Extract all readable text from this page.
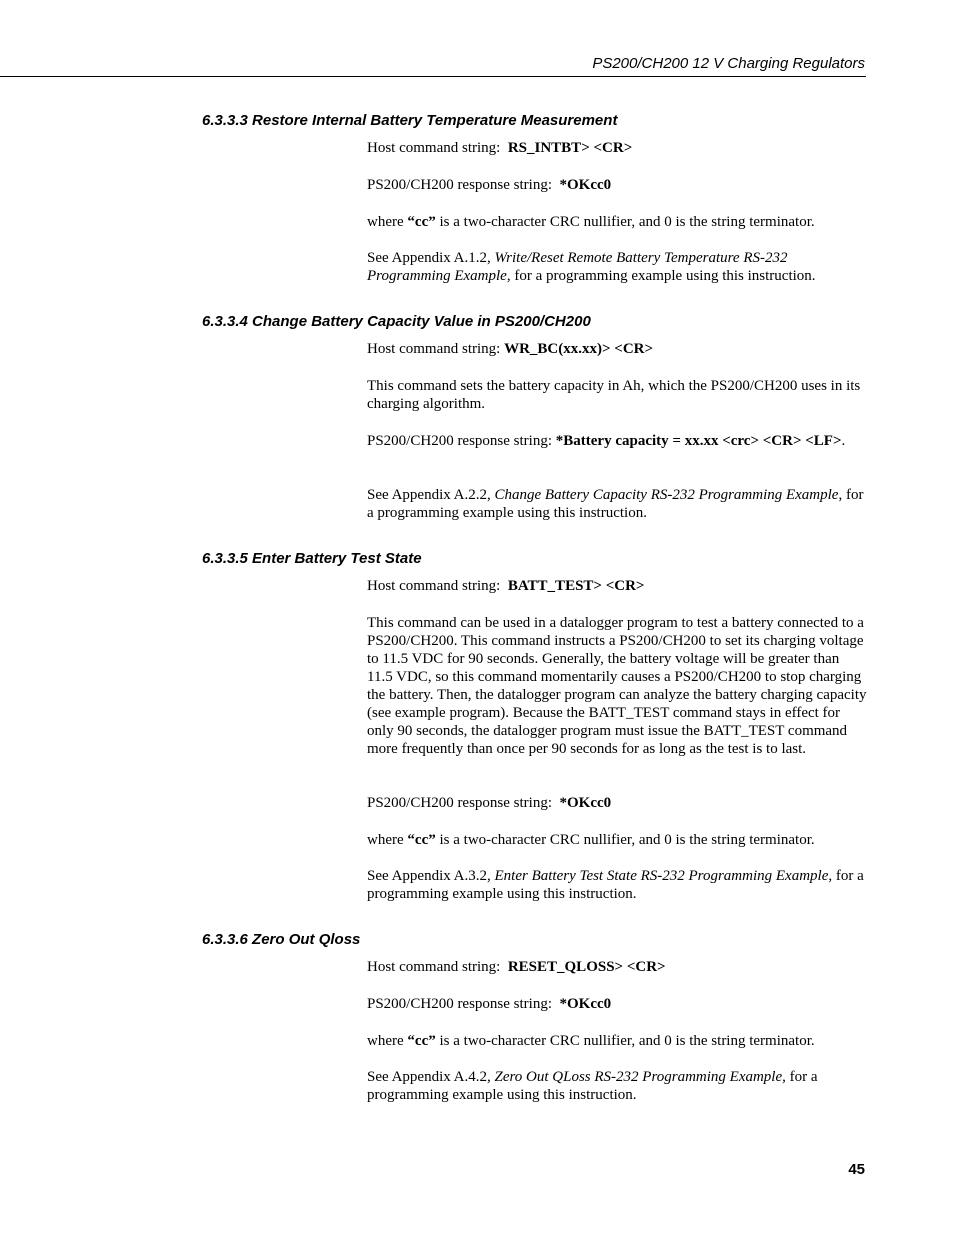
PS200/CH200 12 V Charging Regulators
6.3.3.3 Restore Internal Battery Temperature Measurement
Host command string:  RS_INTBT> <CR>
PS200/CH200 response string:  *OKcc0
where “cc” is a two-character CRC nullifier, and 0 is the string terminator.
See Appendix A.1.2, Write/Reset Remote Battery Temperature RS-232 Programming Example, for a programming example using this instruction.
6.3.3.4 Change Battery Capacity Value in PS200/CH200
Host command string: WR_BC(xx.xx)> <CR>
This command sets the battery capacity in Ah, which the PS200/CH200 uses in its charging algorithm.
PS200/CH200 response string: *Battery capacity = xx.xx <crc> <CR> <LF>.
See Appendix A.2.2, Change Battery Capacity RS-232 Programming Example, for a programming example using this instruction.
6.3.3.5 Enter Battery Test State
Host command string:  BATT_TEST> <CR>
This command can be used in a datalogger program to test a battery connected to a PS200/CH200. This command instructs a PS200/CH200 to set its charging voltage to 11.5 VDC for 90 seconds. Generally, the battery voltage will be greater than 11.5 VDC, so this command momentarily causes a PS200/CH200 to stop charging the battery. Then, the datalogger program can analyze the battery charging capacity (see example program). Because the BATT_TEST command stays in effect for only 90 seconds, the datalogger program must issue the BATT_TEST command more frequently than once per 90 seconds for as long as the test is to last.
PS200/CH200 response string:  *OKcc0
where “cc” is a two-character CRC nullifier, and 0 is the string terminator.
See Appendix A.3.2, Enter Battery Test State RS-232 Programming Example, for a programming example using this instruction.
6.3.3.6 Zero Out Qloss
Host command string:  RESET_QLOSS> <CR>
PS200/CH200 response string:  *OKcc0
where “cc” is a two-character CRC nullifier, and 0 is the string terminator.
See Appendix A.4.2, Zero Out QLoss RS-232 Programming Example, for a programming example using this instruction.
45
